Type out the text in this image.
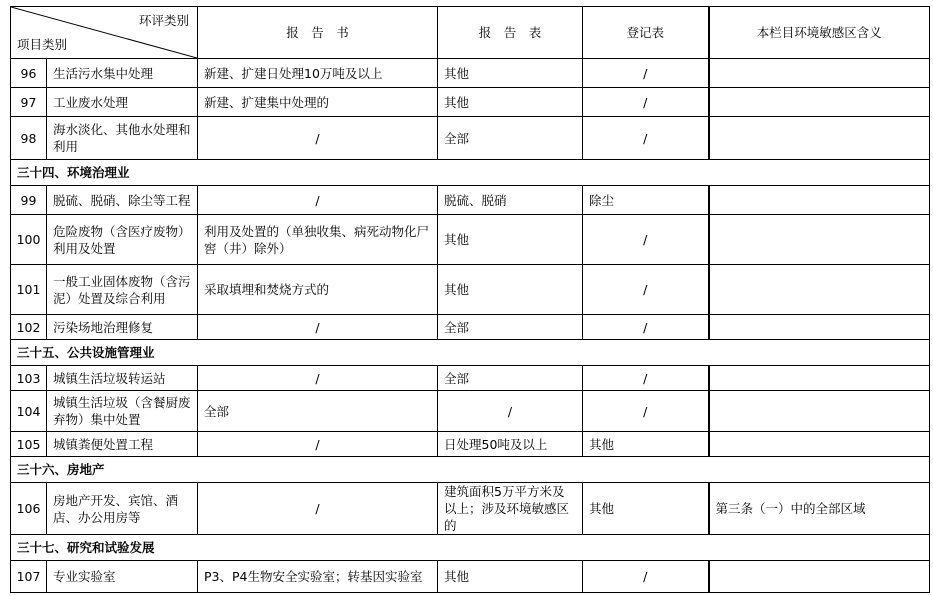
环评类别
项目类别		报　告　书	报　告　表	登记表	本栏目环境敏感区含义
96	生活污水集中处理	新建、扩建日处理10万吨及以上	其他	/	
97	工业废水处理	新建、扩建集中处理的	其他	/	
98	海水淡化、其他水处理和利用	/	全部	/	
三十四、环境治理业					
99	脱硫、脱硝、除尘等工程	/	脱硫、脱硝	除尘	
100	危险废物（含医疗废物）利用及处置	利用及处置的（单独收集、病死动物化尸窖（井）除外）	其他	/	
101	一般工业固体废物（含污泥）处置及综合利用	采取填埋和焚烧方式的	其他	/	
102	污染场地治理修复	/	全部	/	
三十五、公共设施管理业					
103	城镇生活垃圾转运站	/	全部	/	
104	城镇生活垃圾（含餐厨废弃物）集中处置	全部	/	/	
105	城镇粪便处置工程	/	日处理50吨及以上	其他	
三十六、房地产					
106	房地产开发、宾馆、酒店、办公用房等	/	建筑面积5万平方米及以上；涉及环境敏感区的	其他	第三条（一）中的全部区域
三十七、研究和试验发展					
107	专业实验室	P3、P4生物安全实验室；转基因实验室	其他	/	
